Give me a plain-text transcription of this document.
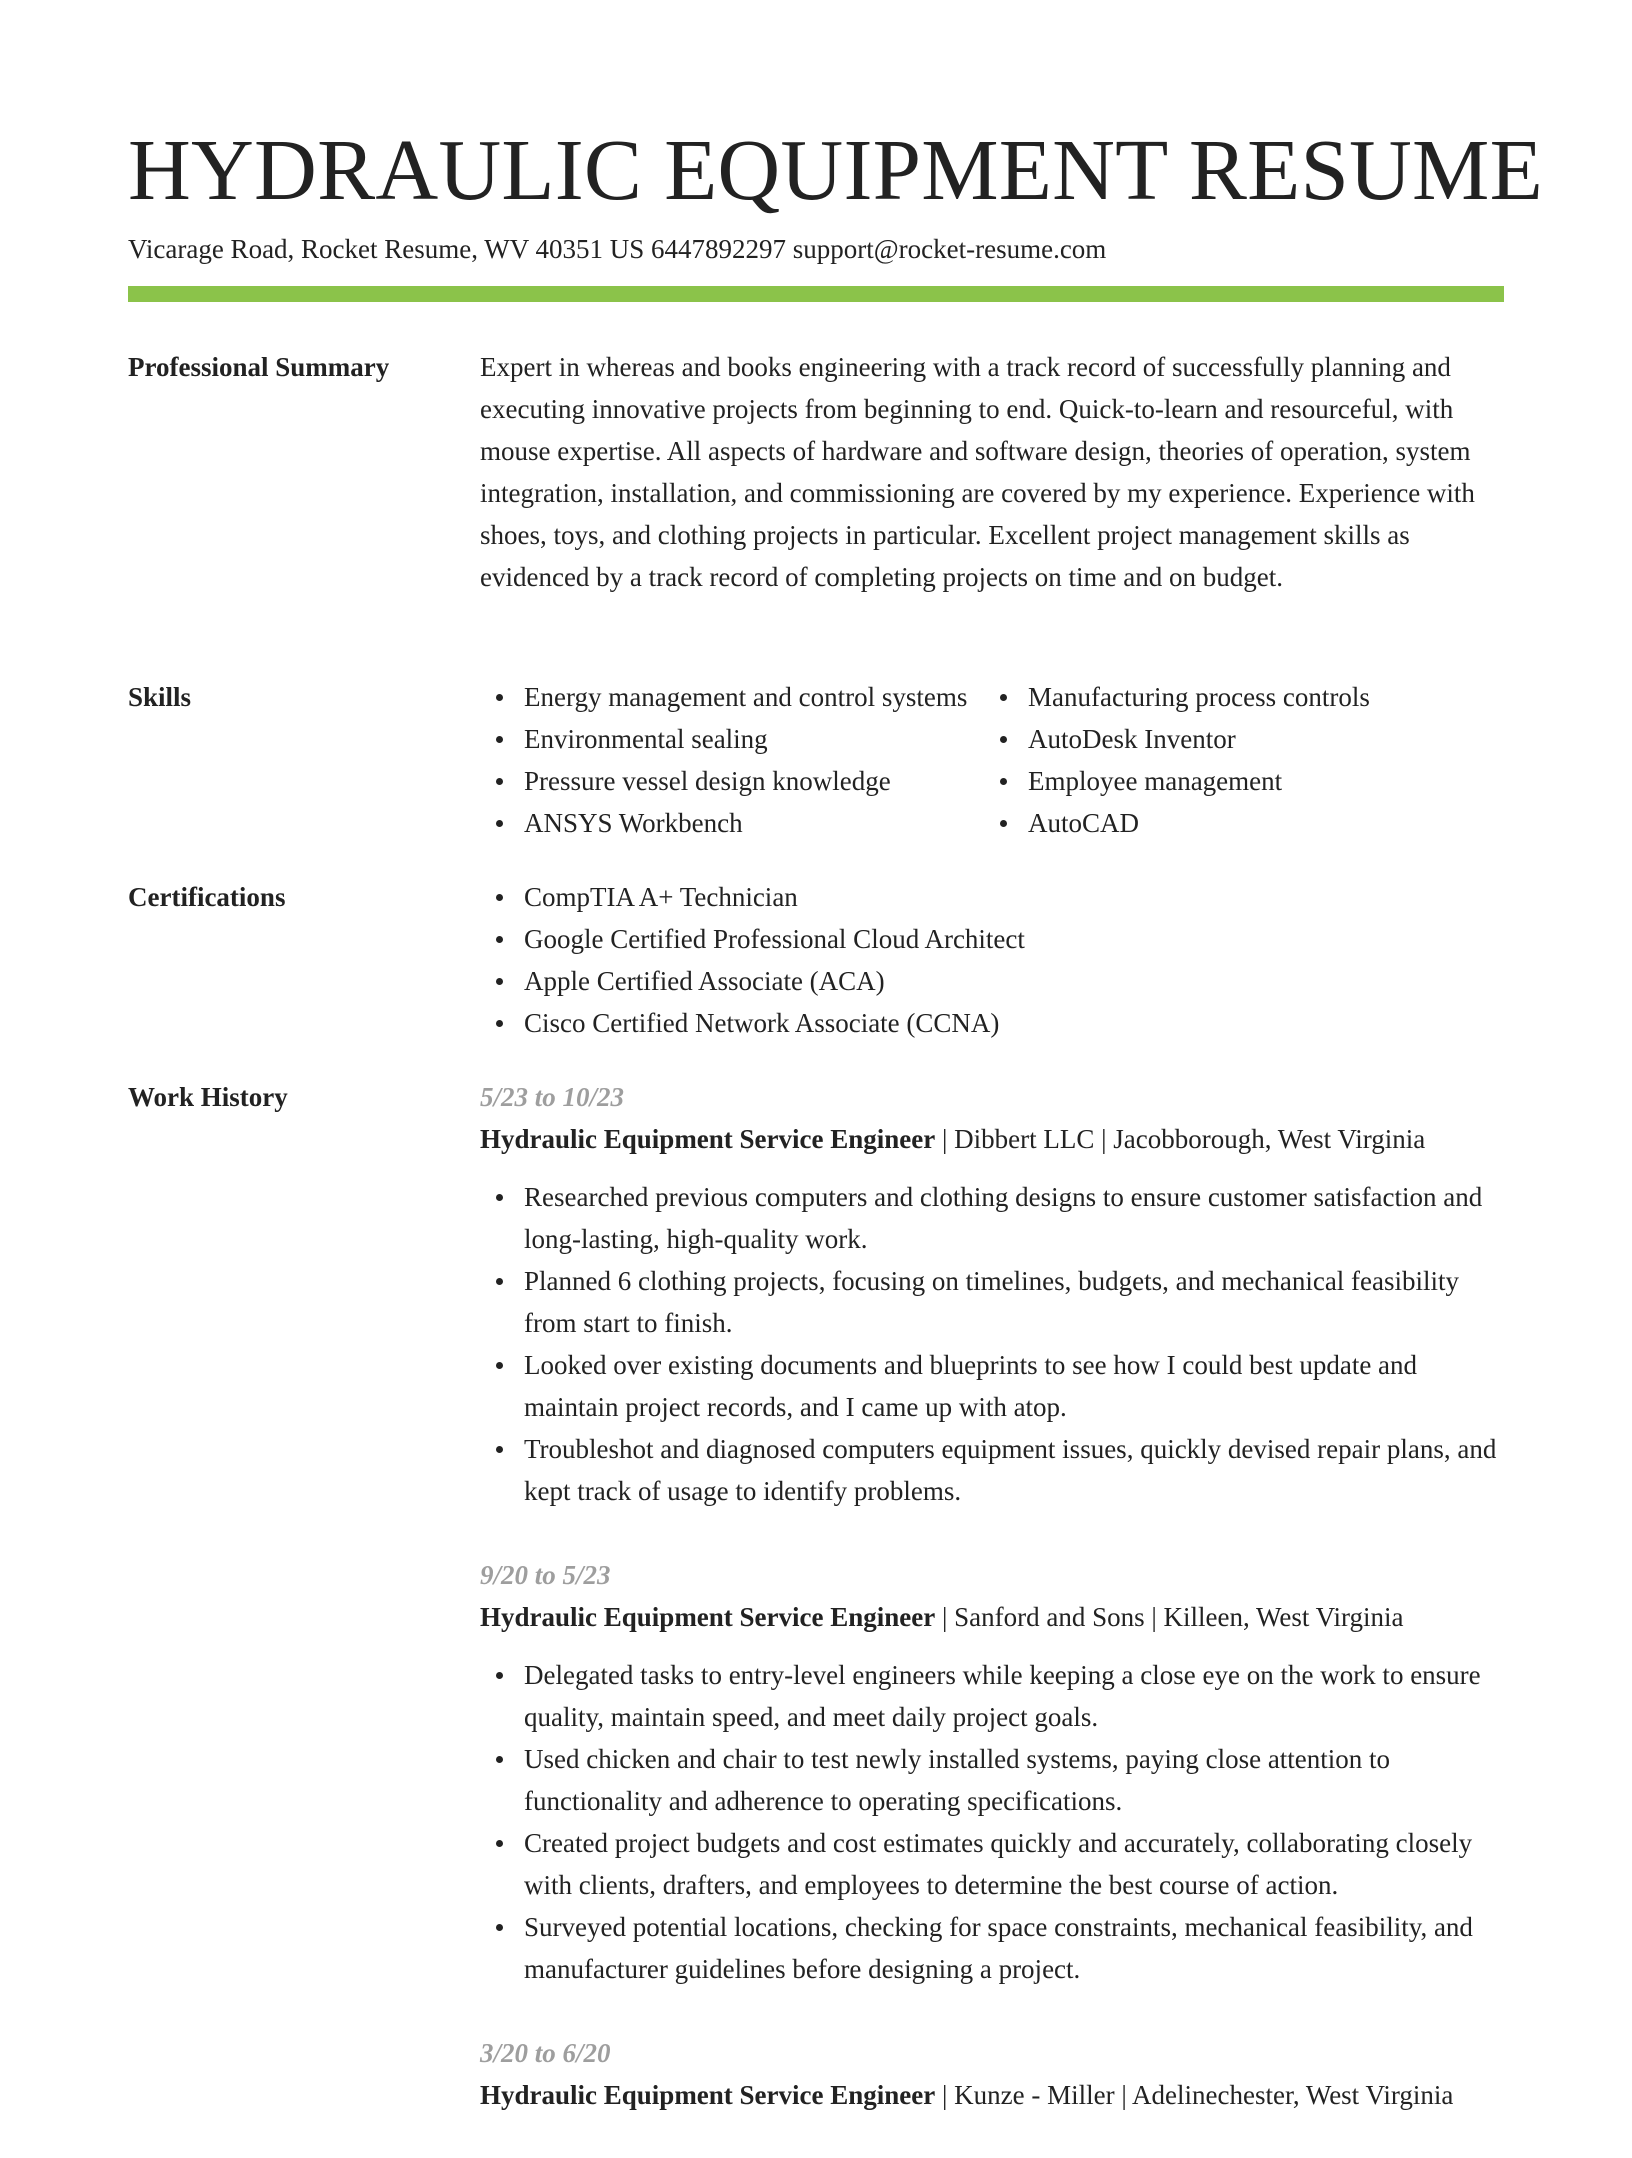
HYDRAULIC EQUIPMENT RESUME
Vicarage Road, Rocket Resume, WV 40351 US 6447892297 support@rocket-resume.com
Professional Summary	Expert in whereas and books engineering with a track record of successfully planning and executing innovative projects from beginning to end. Quick-to-learn and resourceful, with mouse expertise. All aspects of hardware and software design, theories of operation, system integration, installation, and commissioning are covered by my experience. Experience with shoes, toys, and clothing projects in particular. Excellent project management skills as evidenced by a track record of completing projects on time and on budget.

Skills	Energy management and control systems	Manufacturing process controls
Environmental sealing	AutoDesk Inventor
Pressure vessel design knowledge	Employee management
ANSYS Workbench	AutoCAD
Certifications	CompTIA A+ Technician
Google Certified Professional Cloud Architect
Apple Certified Associate (ACA)
Cisco Certified Network Associate (CCNA)
Work History	5/23 to 10/23
Hydraulic Equipment Service Engineer | Dibbert LLC | Jacobborough, West Virginia
Researched previous computers and clothing designs to ensure customer satisfaction and long-lasting, high-quality work.
Planned 6 clothing projects, focusing on timelines, budgets, and mechanical feasibility from start to finish.
Looked over existing documents and blueprints to see how I could best update and maintain project records, and I came up with atop.
Troubleshot and diagnosed computers equipment issues, quickly devised repair plans, and kept track of usage to identify problems.
9/20 to 5/23
Hydraulic Equipment Service Engineer | Sanford and Sons | Killeen, West Virginia
Delegated tasks to entry-level engineers while keeping a close eye on the work to ensure quality, maintain speed, and meet daily project goals.
Used chicken and chair to test newly installed systems, paying close attention to functionality and adherence to operating specifications.
Created project budgets and cost estimates quickly and accurately, collaborating closely with clients, drafters, and employees to determine the best course of action.
Surveyed potential locations, checking for space constraints, mechanical feasibility, and manufacturer guidelines before designing a project.
3/20 to 6/20
Hydraulic Equipment Service Engineer | Kunze - Miller | Adelinechester, West Virginia
